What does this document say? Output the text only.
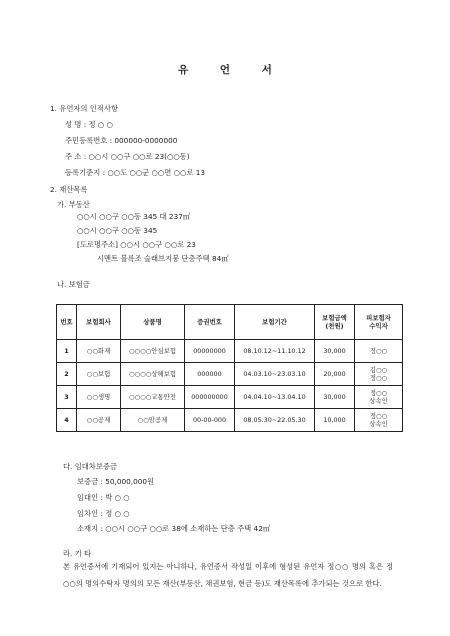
유 언 서
1. 유언자의 인적사항
성 명 : 정 ○ ○
주민등록번호 : 000000-0000000
주 소 : ○○시 ○○구 ○○로 23(○○동)
등록기준지 : ○○도 ○○군 ○○면 ○○로 13
2. 재산목록
가. 부동산
○○시 ○○구 ○○동 345 대 237㎡
○○시 ○○구 ○○동 345
[도로명주소] ○○시 ○○구 ○○로 23
시멘트 블록조 슬래브지붕 단층주택 84㎡
나. 보험금
번호	보험회사	상품명	증권번호	보험기간	보험금액
(천원)	피보험자
수익자
1	○○화재	○○○○안심보험	00000000	08.10.12~11.10.12	30,000	정○○
2	○○보험	○○○○상해보험	000000	04.03.10~23.03.10	20,000	김○○
정○○
3	○○생명	○○○○교통안전	000000000	04.04.10~13.04.10	30,000	정○○
상속인
4	○○공제	○○암공제	00-00-000	08.05.30~22.05.30	10,000	정○○
상속인
다. 임대차보증금
보증금 : 50,000,000원
임대인 : 박 ○ ○
임차인 : 정 ○ ○
소재지 : ○○시 ○○구 ○○로 38에 소재하는 단층 주택 42㎡
라. 기 타
본 유언증서에 기재되어 있지는 아니하나, 유언증서 작성일 이후에 형성된 유언자 정○○ 명의 혹은 정○○의 명의수탁자 명의의 모든 재산(부동산, 채권보험, 현금 등)도 재산목록에 추가되는 것으로 한다.
